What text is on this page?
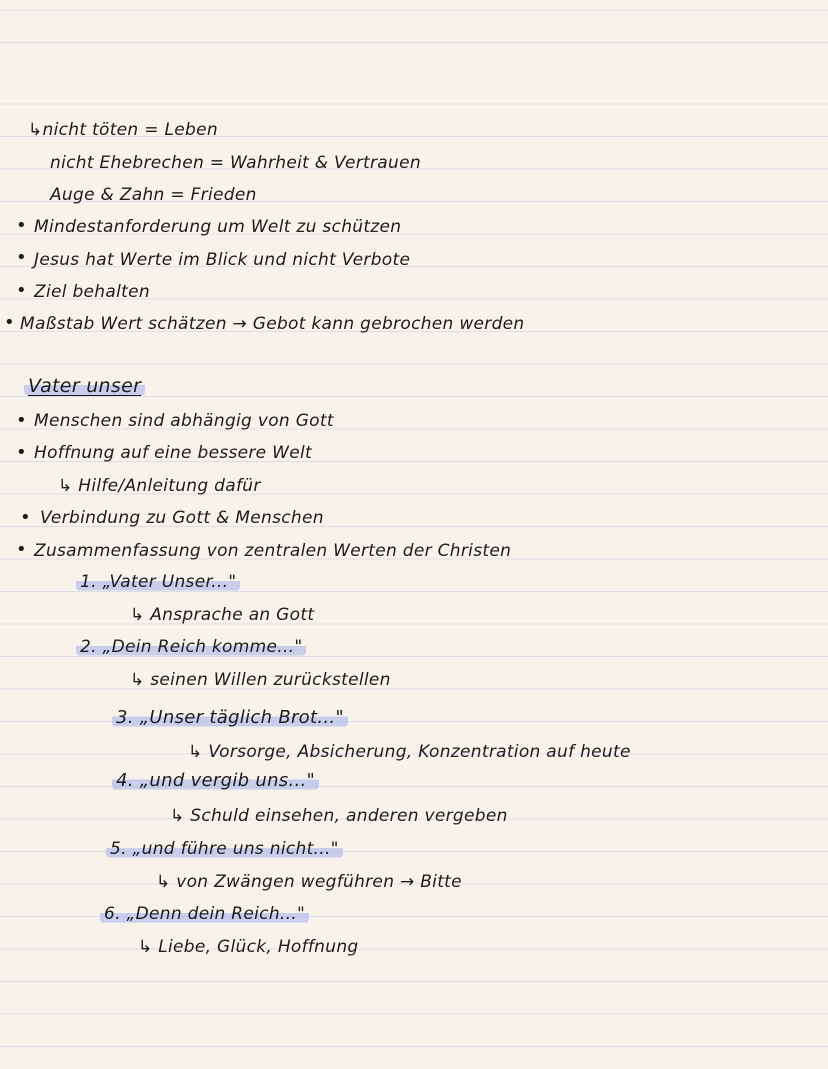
↳nicht töten = Leben
nicht Ehebrechen = Wahrheit & Vertrauen
Auge & Zahn = Frieden
• Mindestanforderung um Welt zu schützen
• Jesus hat Werte im Blick und nicht Verbote
• Ziel behalten
• Maßstab Wert schätzen → Gebot kann gebrochen werden
Vater unser
• Menschen sind abhängig von Gott
• Hoffnung auf eine bessere Welt
↳ Hilfe/Anleitung dafür
• Verbindung zu Gott & Menschen
• Zusammenfassung von zentralen Werten der Christen
1. „Vater Unser..."
↳ Ansprache an Gott
2. „Dein Reich komme..."
↳ seinen Willen zurückstellen
3. „Unser täglich Brot..."
↳ Vorsorge, Absicherung, Konzentration auf heute
4. „und vergib uns..."
↳ Schuld einsehen, anderen vergeben
5. „und führe uns nicht..."
↳ von Zwängen wegführen → Bitte
6. „Denn dein Reich..."
↳ Liebe, Glück, Hoffnung
